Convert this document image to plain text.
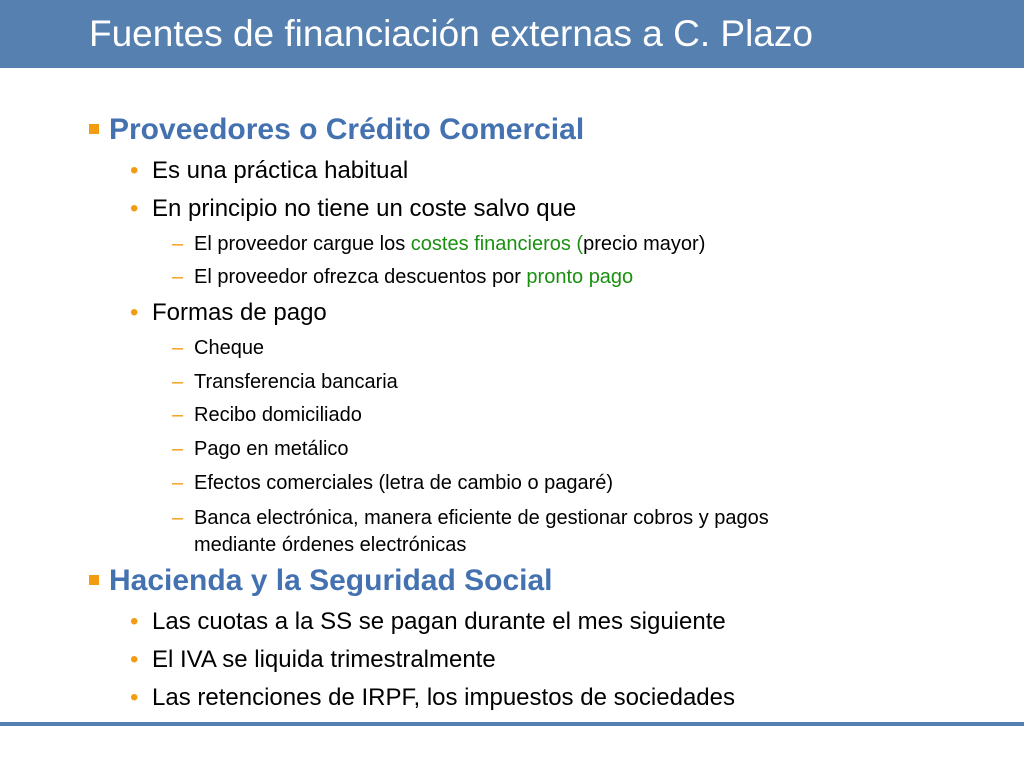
Fuentes de financiación externas a C. Plazo
Proveedores o Crédito Comercial
• Es una práctica habitual
• En principio no tiene un coste salvo que
– El proveedor cargue los costes financieros (precio mayor)
– El proveedor ofrezca descuentos por pronto pago
• Formas de pago
– Cheque
– Transferencia bancaria
– Recibo domiciliado
– Pago en metálico
– Efectos comerciales (letra de cambio o pagaré)
– Banca electrónica, manera eficiente de gestionar cobros y pagos
mediante órdenes electrónicas
Hacienda y la Seguridad Social
• Las cuotas a la SS se pagan durante el mes siguiente
• El IVA se liquida trimestralmente
• Las retenciones de IRPF, los impuestos de sociedades
